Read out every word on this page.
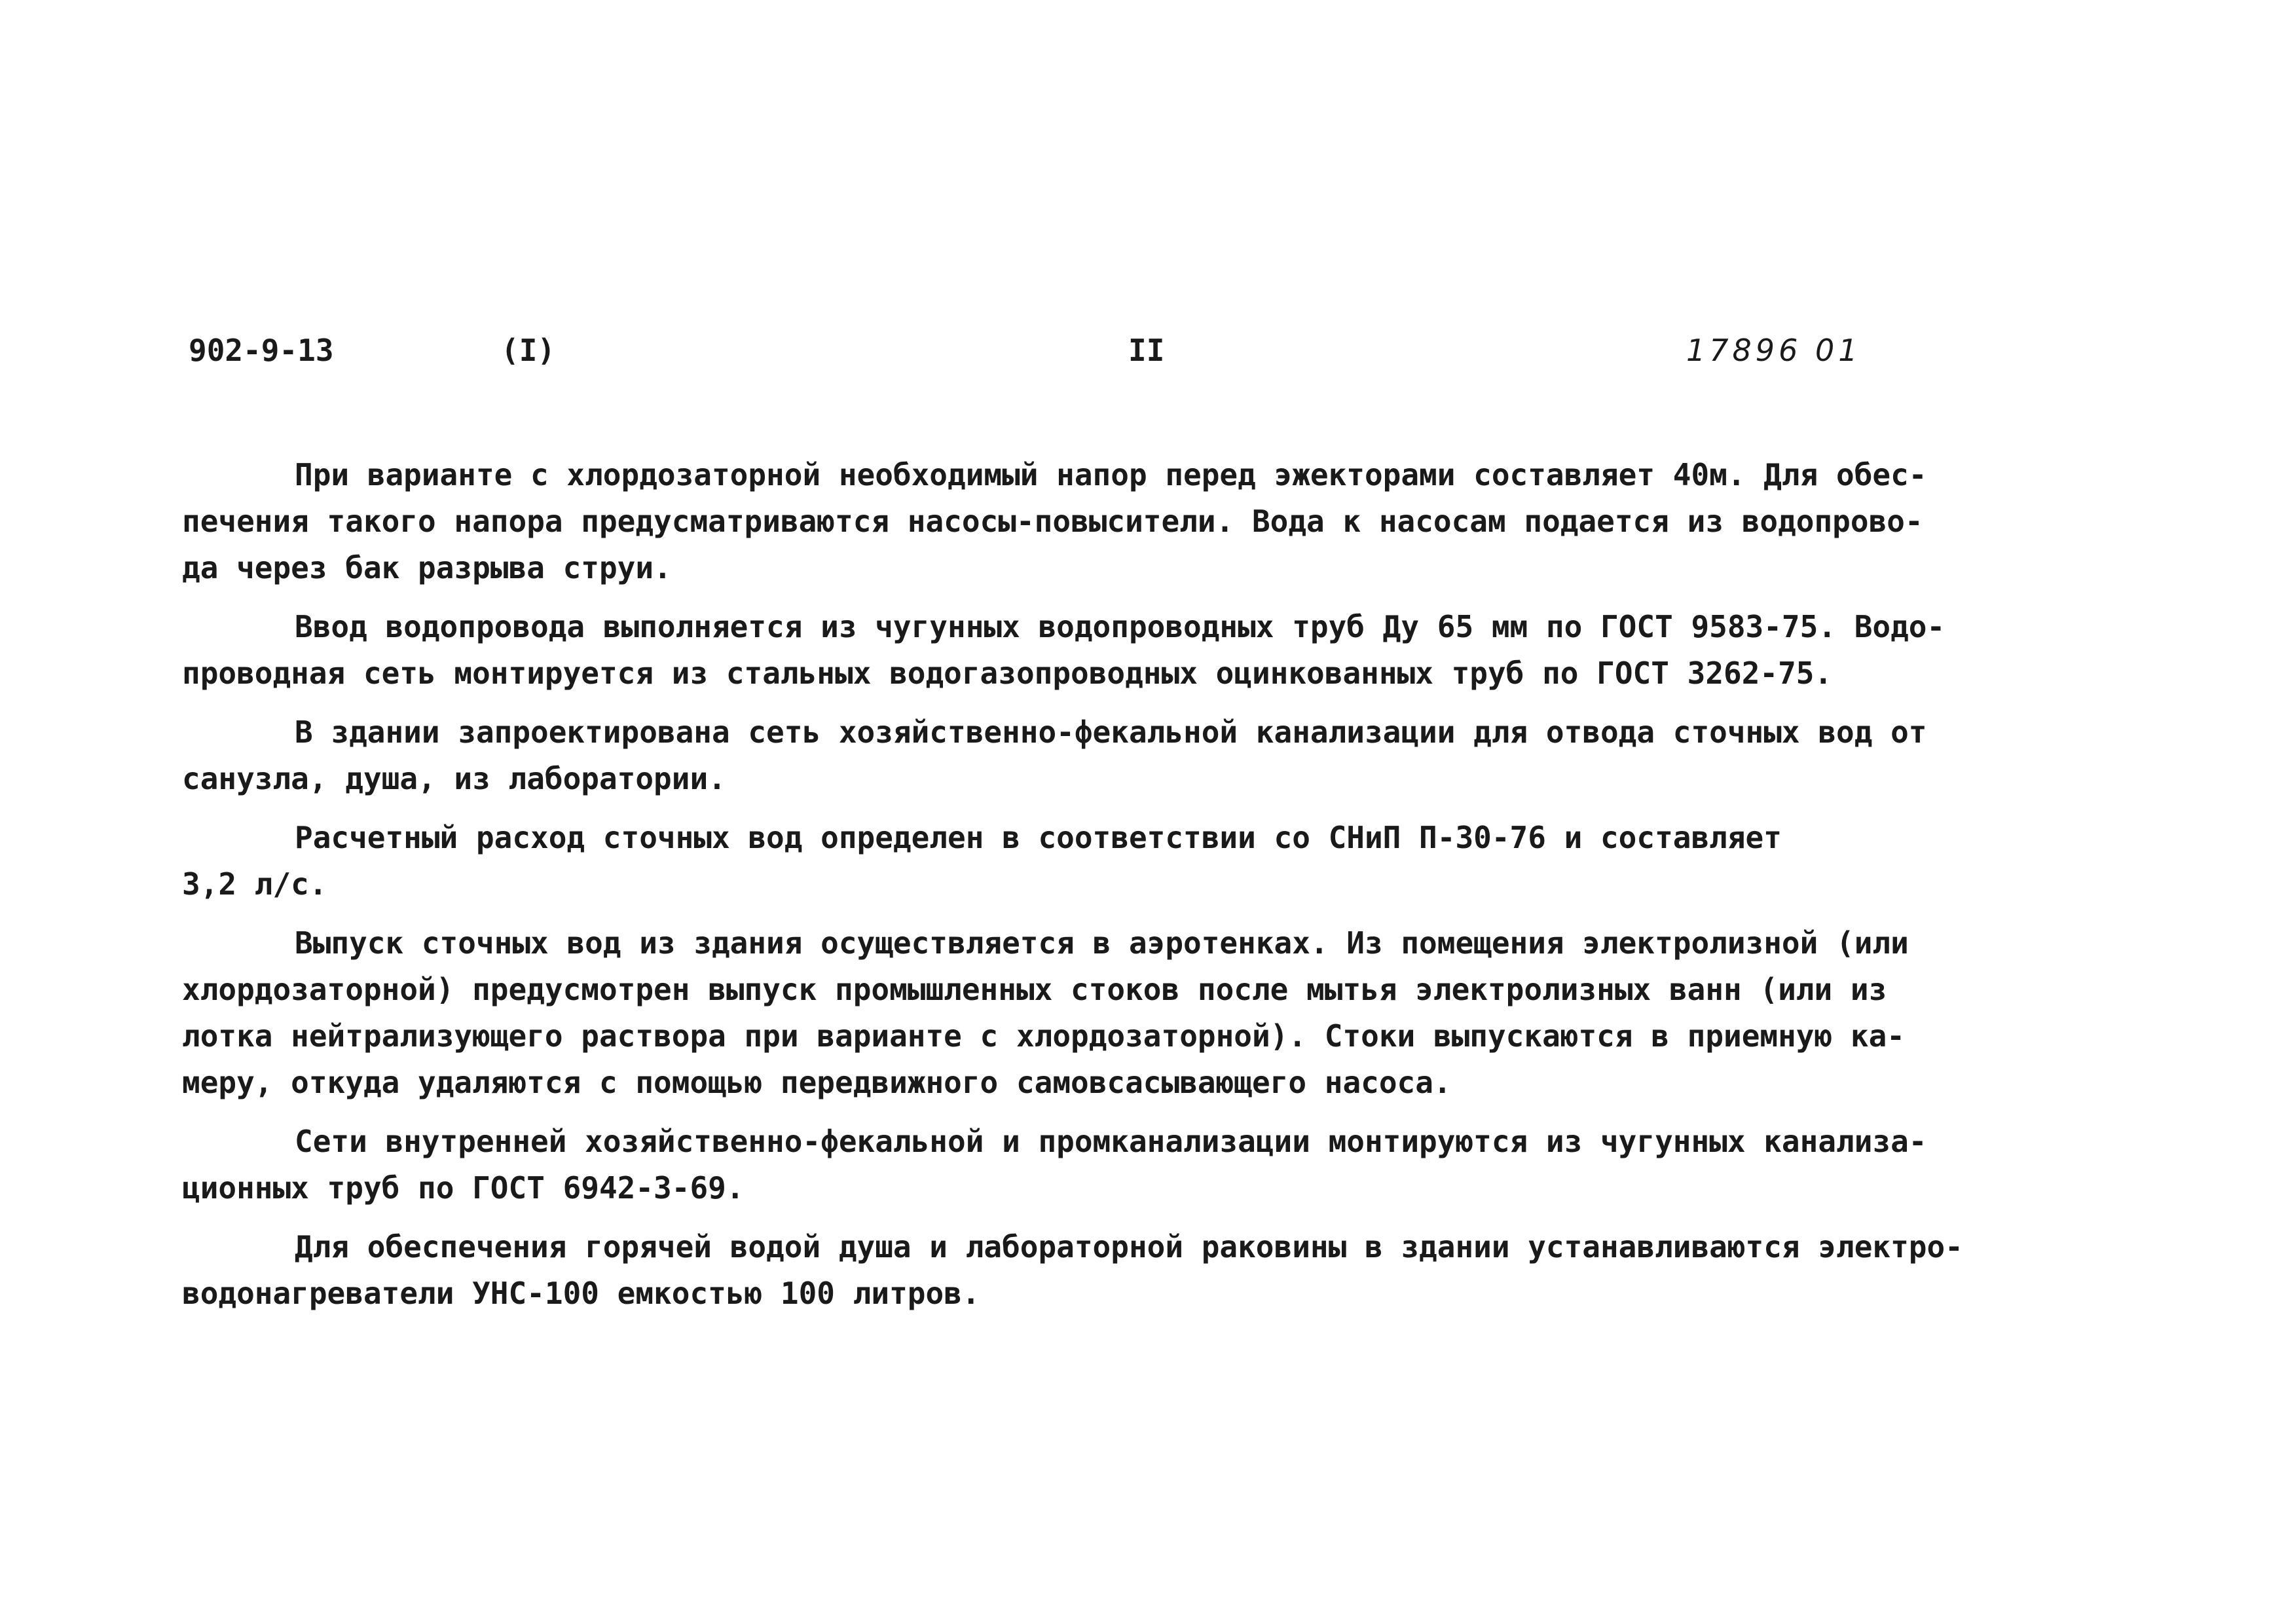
902-9-13	(I)	II	17896 01
При варианте с хлордозаторной необходимый напор перед эжекторами составляет 40м. Для обес-
печения такого напора предусматриваются насосы-повысители. Вода к насосам подается из водопрово-
да через бак разрыва струи.
Ввод водопровода выполняется из чугунных водопроводных труб Ду 65 мм по ГОСТ 9583-75. Водо-
проводная сеть монтируется из стальных водогазопроводных оцинкованных труб по ГОСТ 3262-75.
В здании запроектирована сеть хозяйственно-фекальной канализации для отвода сточных вод от
санузла, душа, из лаборатории.
Расчетный расход сточных вод определен в соответствии со СНиП П-30-76 и составляет
3,2 л/с.
Выпуск сточных вод из здания осуществляется в аэротенках. Из помещения электролизной (или
хлордозаторной) предусмотрен выпуск промышленных стоков после мытья электролизных ванн (или из
лотка нейтрализующего раствора при варианте с хлордозаторной). Стоки выпускаются в приемную ка-
меру, откуда удаляются с помощью передвижного самовсасывающего насоса.
Сети внутренней хозяйственно-фекальной и промканализации монтируются из чугунных канализа-
ционных труб по ГОСТ 6942-3-69.
Для обеспечения горячей водой душа и лабораторной раковины в здании устанавливаются электро-
водонагреватели УНС-100 емкостью 100 литров.
